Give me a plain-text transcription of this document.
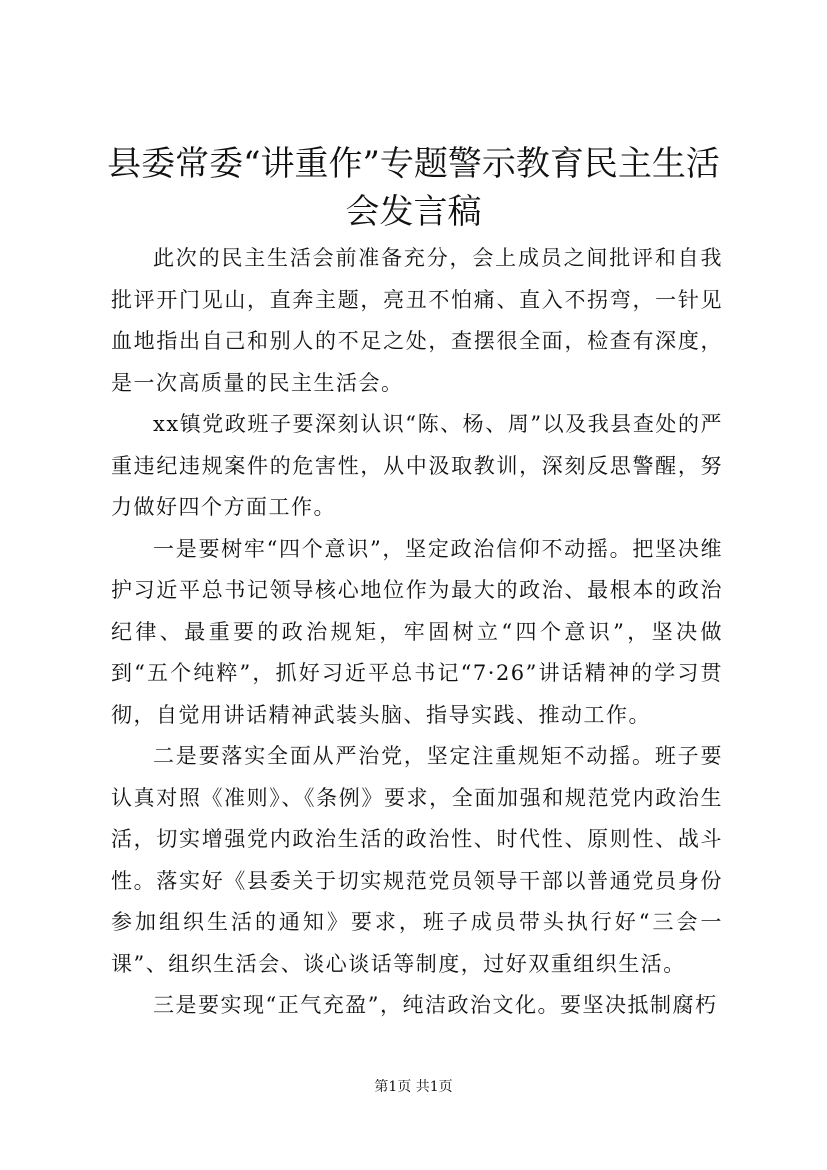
县委常委“讲重作”专题警示教育民主生活会发言稿

此次的民主生活会前准备充分，会上成员之间批评和自我批评开门见山，直奔主题，亮丑不怕痛、直入不拐弯，一针见血地指出自己和别人的不足之处，查摆很全面，检查有深度，是一次高质量的民主生活会。

xx镇党政班子要深刻认识“陈、杨、周”以及我县查处的严重违纪违规案件的危害性，从中汲取教训，深刻反思警醒，努力做好四个方面工作。

一是要树牢“四个意识”，坚定政治信仰不动摇。把坚决维护习近平总书记领导核心地位作为最大的政治、最根本的政治纪律、最重要的政治规矩，牢固树立“四个意识”，坚决做到“五个纯粹”，抓好习近平总书记“7·26”讲话精神的学习贯彻，自觉用讲话精神武装头脑、指导实践、推动工作。

二是要落实全面从严治党，坚定注重规矩不动摇。班子要认真对照《准则》、《条例》要求，全面加强和规范党内政治生活，切实增强党内政治生活的政治性、时代性、原则性、战斗性。落实好《县委关于切实规范党员领导干部以普通党员身份参加组织生活的通知》要求，班子成员带头执行好“三会一课”、组织生活会、谈心谈话等制度，过好双重组织生活。

三是要实现“正气充盈”，纯洁政治文化。要坚决抵制腐朽

第1页 共1页
